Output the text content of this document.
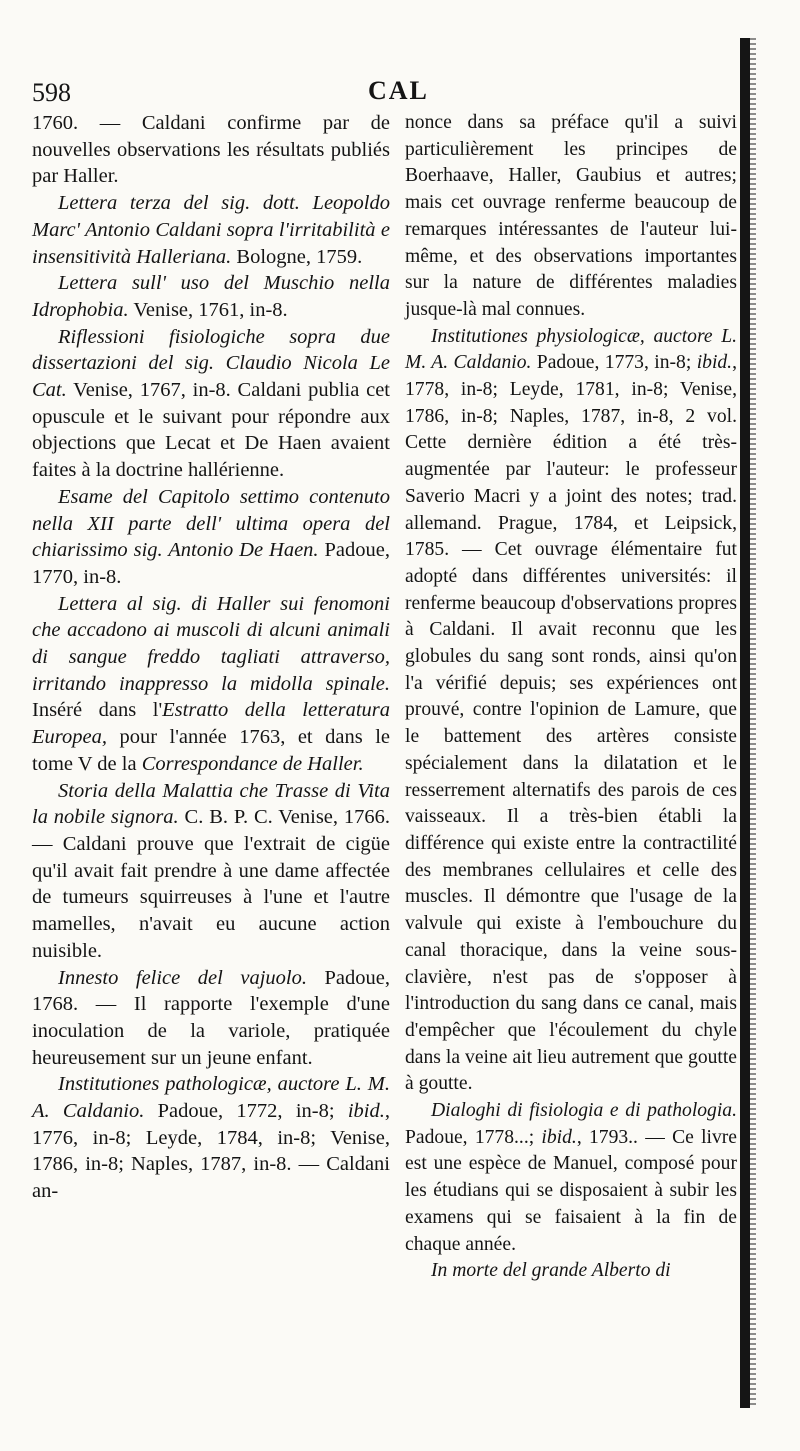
598	CAL

1760. — Caldani confirme par de nouvelles observations les résultats publiés par Haller.

Lettera terza del sig. dott. Leopoldo Marc' Antonio Caldani sopra l'irritabilità e insensitività Halleriana. Bologne, 1759.

Lettera sull' uso del Muschio nella Idrophobia. Venise, 1761, in-8.

Riflessioni fisiologiche sopra due dissertazioni del sig. Claudio Nicola Le Cat. Venise, 1767, in-8. Caldani publia cet opuscule et le suivant pour répondre aux objections que Lecat et De Haen avaient faites à la doctrine hallérienne.

Esame del Capitolo settimo contenuto nella XII parte dell' ultima opera del chiarissimo sig. Antonio De Haen. Padoue, 1770, in-8.

Lettera al sig. di Haller sui fenomoni che accadono ai muscoli di alcuni animali di sangue freddo tagliati attraverso, irritando inappresso la midolla spinale. Inséré dans l'Estratto della letteratura Europea, pour l'année 1763, et dans le tome V de la Correspondance de Haller.

Storia della Malattia che Trasse di Vita la nobile signora. C. B. P. C. Venise, 1766. — Caldani prouve que l'extrait de cigüe qu'il avait fait prendre à une dame affectée de tumeurs squirreuses à l'une et l'autre mamelles, n'avait eu aucune action nuisible.

Innesto felice del vajuolo. Padoue, 1768. — Il rapporte l'exemple d'une inoculation de la variole, pratiquée heureusement sur un jeune enfant.

Institutiones pathologicæ, auctore L. M. A. Caldanio. Padoue, 1772, in-8; ibid., 1776, in-8; Leyde, 1784, in-8; Venise, 1786, in-8; Naples, 1787, in-8. — Caldani an-

nonce dans sa préface qu'il a suivi particulièrement les principes de Boerhaave, Haller, Gaubius et autres; mais cet ouvrage renferme beaucoup de remarques intéressantes de l'auteur lui-même, et des observations importantes sur la nature de différentes maladies jusque-là mal connues.

Institutiones physiologicæ, auctore L. M. A. Caldanio. Padoue, 1773, in-8; ibid., 1778, in-8; Leyde, 1781, in-8; Venise, 1786, in-8; Naples, 1787, in-8, 2 vol. Cette dernière édition a été très-augmentée par l'auteur: le professeur Saverio Macri y a joint des notes; trad. allemand. Prague, 1784, et Leipsick, 1785. — Cet ouvrage élémentaire fut adopté dans différentes universités: il renferme beaucoup d'observations propres à Caldani. Il avait reconnu que les globules du sang sont ronds, ainsi qu'on l'a vérifié depuis; ses expériences ont prouvé, contre l'opinion de Lamure, que le battement des artères consiste spécialement dans la dilatation et le resserrement alternatifs des parois de ces vaisseaux. Il a très-bien établi la différence qui existe entre la contractilité des membranes cellulaires et celle des muscles. Il démontre que l'usage de la valvule qui existe à l'embouchure du canal thoracique, dans la veine sous-clavière, n'est pas de s'opposer à l'introduction du sang dans ce canal, mais d'empêcher que l'écoulement du chyle dans la veine ait lieu autrement que goutte à goutte.

Dialoghi di fisiologia e di pathologia. Padoue, 1778...; ibid., 1793.. — Ce livre est une espèce de Manuel, composé pour les étudians qui se disposaient à subir les examens qui se faisaient à la fin de chaque année.

In morte del grande Alberto di
